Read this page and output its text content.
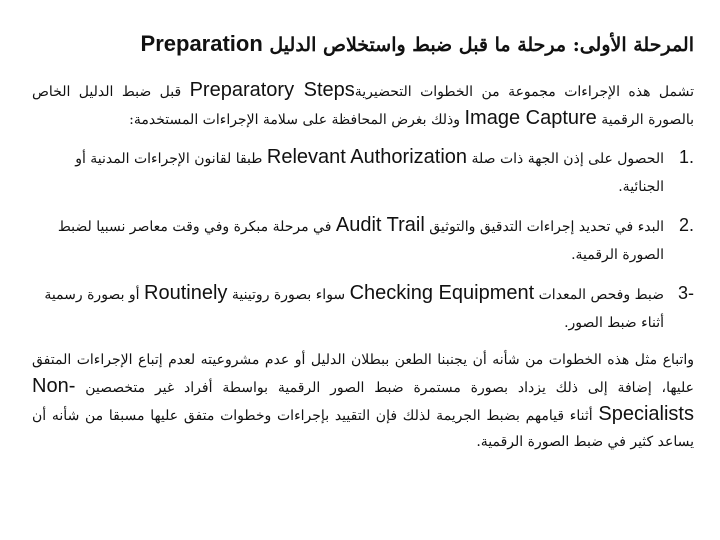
المرحلة الأولى: مرحلة ما قبل ضبط واستخلاص الدليل Preparation

تشمل هذه الإجراءات مجموعة من الخطوات التحضيريةPreparatory Steps قبل ضبط الدليل الخاص بالصورة الرقمية Image Capture وذلك بغرض المحافظة على سلامة الإجراءات المستخدمة:

1.
الحصول على إذن الجهة ذات صلة Relevant Authorization طبقا لقانون الإجراءات المدنية أو الجنائية.
2.
البدء في تحديد إجراءات التدقيق والتوثيق Audit Trail في مرحلة مبكرة وفي وقت معاصر نسبيا لضبط الصورة الرقمية.
3-
ضبط وفحص المعدات Checking Equipment سواء بصورة روتينية Routinely أو بصورة رسمية أثناء ضبط الصور.

واتباع مثل هذه الخطوات من شأنه أن يجنبنا الطعن ببطلان الدليل أو عدم مشروعيته لعدم إتباع الإجراءات المتفق عليها، إضافة إلى ذلك يزداد بصورة مستمرة ضبط الصور الرقمية بواسطة أفراد غير متخصصين Non-Specialists أثناء قيامهم بضبط الجريمة لذلك فإن التقييد بإجراءات وخطوات متفق عليها مسبقا من شأنه أن يساعد كثير في ضبط الصورة الرقمية.
